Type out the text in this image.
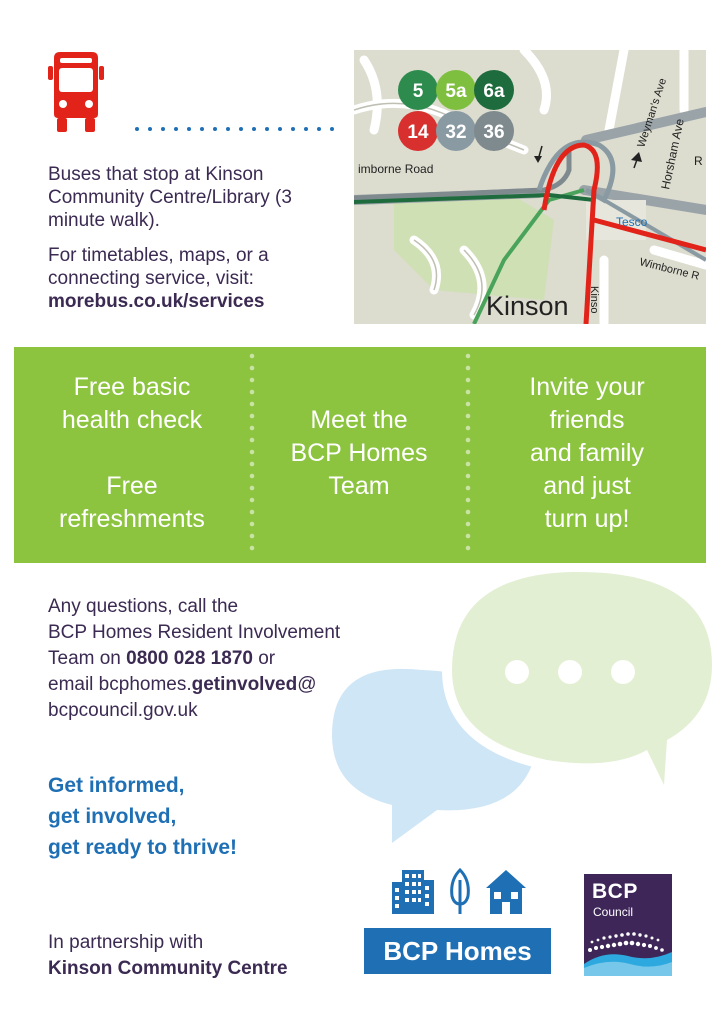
Buses that stop at Kinson Community Centre/Library (3 minute walk).

For timetables, maps, or a connecting service, visit:

morebus.co.uk/services
imborne Road
Weyman's Ave
Horsham Ave R
Tesco
Wimborne R
Kinso
Kinson
5 5a 6a
14 32 36
Free basic
health check
Free
refreshments
Meet the
BCP Homes
Team
Invite your
friends
and family
and just
turn up!
Any questions, call the
BCP Homes Resident Involvement
Team on 0800 028 1870 or
email bcphomes.getinvolved@
bcpcouncil.gov.uk
Get informed,
get involved,
get ready to thrive!
In partnership with
Kinson Community Centre
BCP Homes
BCP
Council
